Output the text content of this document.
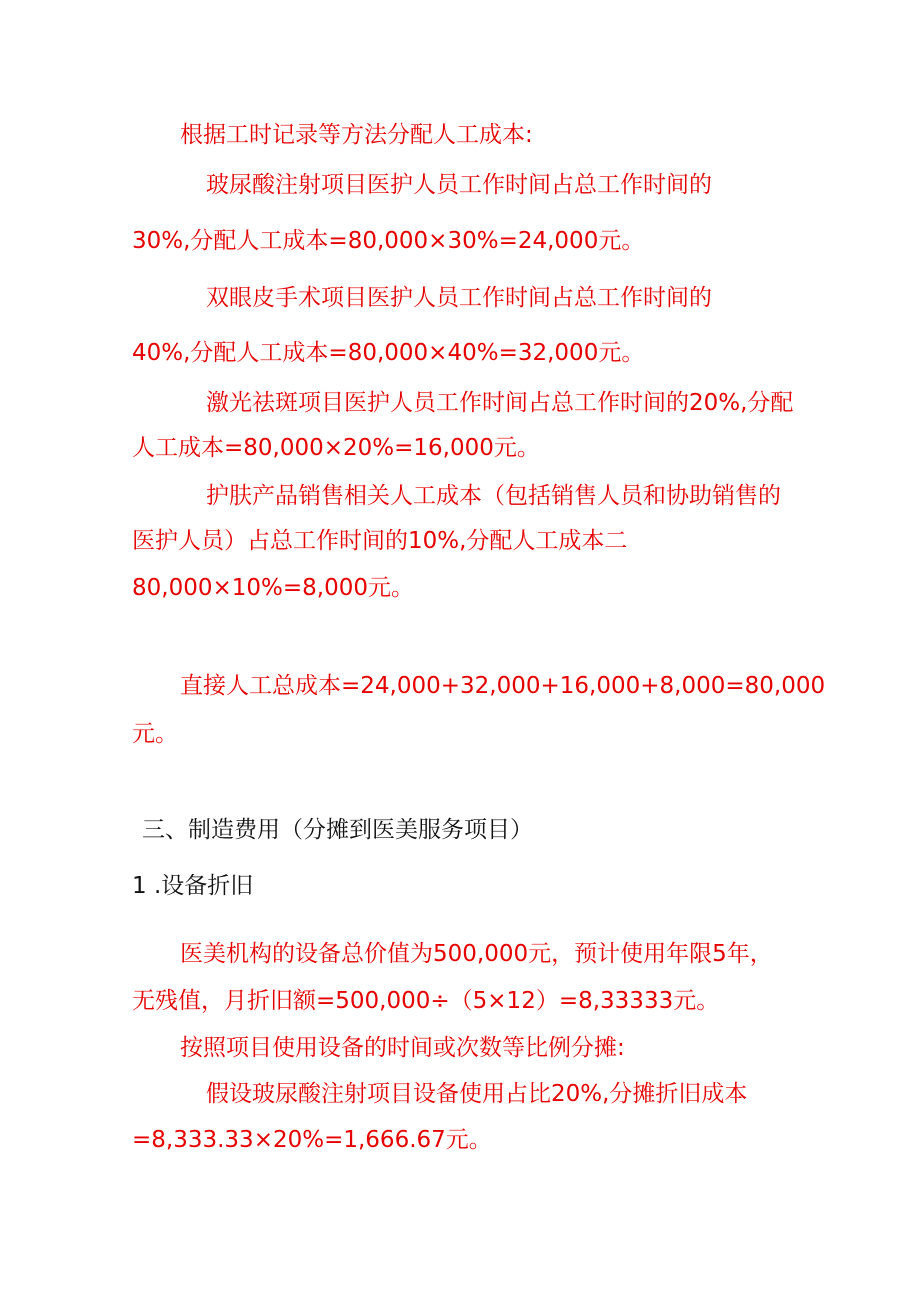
根据工时记录等方法分配人工成本:
玻尿酸注射项目医护人员工作时间占总工作时间的
30%,分配人工成本=80,000×30%=24,000元。
双眼皮手术项目医护人员工作时间占总工作时间的
40%,分配人工成本=80,000×40%=32,000元。
激光祛斑项目医护人员工作时间占总工作时间的20%,分配
人工成本=80,000×20%=16,000元。
护肤产品销售相关人工成本（包括销售人员和协助销售的
医护人员）占总工作时间的10%,分配人工成本二
80,000×10%=8,000元。
直接人工总成本=24,000+32,000+16,000+8,000=80,000
元。
三、制造费用（分摊到医美服务项目）
1 .设备折旧
医美机构的设备总价值为500,000元，预计使用年限5年，
无残值，月折旧额=500,000÷（5×12）=8,33333元。
按照项目使用设备的时间或次数等比例分摊:
假设玻尿酸注射项目设备使用占比20%,分摊折旧成本
=8,333.33×20%=1,666.67元。
